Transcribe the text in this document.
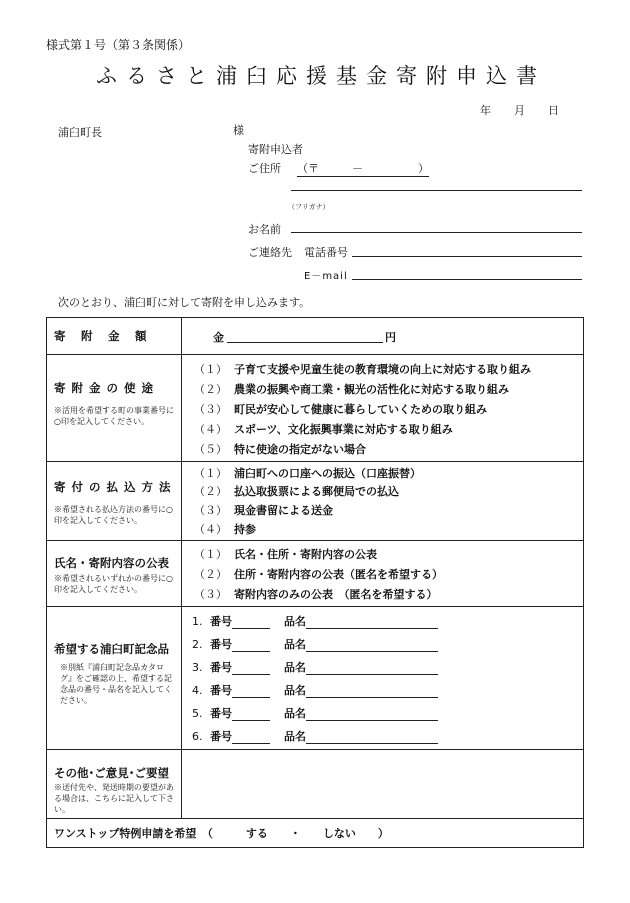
様式第１号（第３条関係）
ふるさと浦臼応援基金寄附申込書
年 月 日
浦臼町長	様
寄附申込者
ご住所 （〒　　　－　　　　　）
（フリガナ）
お名前
ご連絡先 電話番号
E－mail
次のとおり、浦臼町に対して寄附を申し込みます。
寄　附　金　額	金	円
寄 附 金 の 使 途
※活用を希望する町の事業番号に○印を記入してください。
（１） 子育て支援や児童生徒の教育環境の向上に対応する取り組み
（２） 農業の振興や商工業・観光の活性化に対応する取り組み
（３） 町民が安心して健康に暮らしていくための取り組み
（４） スポーツ、文化振興事業に対応する取り組み
（５） 特に使途の指定がない場合
寄 付 の 払 込 方 法
※希望される払込方法の番号に○印を記入してください。
（１） 浦臼町への口座への振込（口座振替）
（２） 払込取扱票による郵便局での払込
（３） 現金書留による送金
（４） 持参
氏名・寄附内容の公表
※希望されるいずれかの番号に○印を記入してください。
（１） 氏名・住所・寄附内容の公表
（２） 住所・寄附内容の公表（匿名を希望する）
（３） 寄附内容のみの公表　（匿名を希望する）
希望する浦臼町記念品
※別紙『浦臼町記念品カタログ』をご確認の上、希望する記念品の番号・品名を記入してください。
1. 番号	品名
2. 番号	品名
3. 番号	品名
4. 番号	品名
5. 番号	品名
6. 番号	品名
その他･ご意見･ご要望
※送付先や、発送時期の要望がある場合は、こちらに記入して下さい。
ワンストップ特例申請を希望　（　　　する　　・　　しない　　）
